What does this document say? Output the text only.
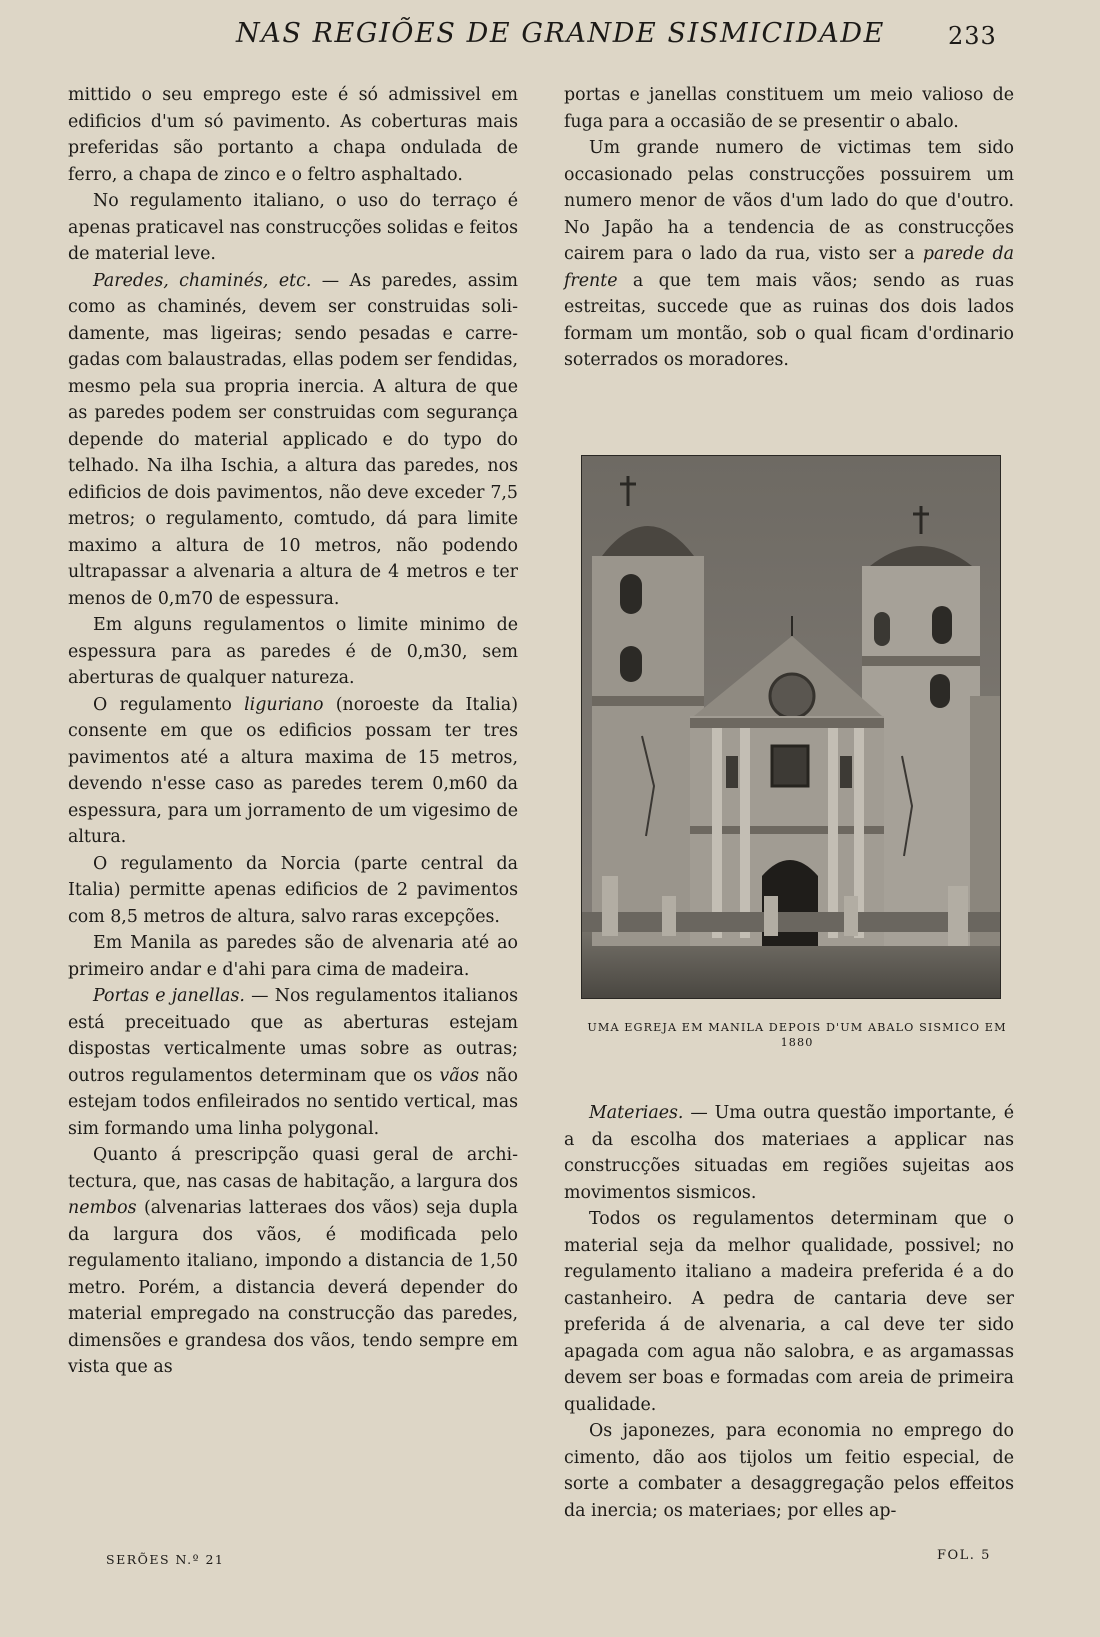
NAS REGIÕES DE GRANDE SISMICIDADE	233

mittido o seu emprego este é só admissivel em edificios d'um só pavimento. As coberturas mais preferidas são portanto a chapa ondulada de ferro, a chapa de zinco e o feltro asphaltado.

No regulamento italiano, o uso do terraço é apenas praticavel nas construcções solidas e feitos de material leve.

Paredes, chaminés, etc. — As paredes, assim como as chaminés, devem ser construidas solidamente, mas ligeiras; sendo pesadas e carregadas com balaustradas, ellas podem ser fendidas, mesmo pela sua propria inercia. A altura de que as paredes podem ser construidas com segurança depende do material applicado e do typo do telhado. Na ilha Ischia, a altura das paredes, nos edificios de dois pavimentos, não deve exceder 7,5 metros; o regulamento, comtudo, dá para limite maximo a altura de 10 metros, não podendo ultrapassar a alvenaria a altura de 4 metros e ter menos de 0,m70 de espessura.

Em alguns regulamentos o limite minimo de espessura para as paredes é de 0,m30, sem aberturas de qualquer natureza.

O regulamento liguriano (noroeste da Italia) consente em que os edificios possam ter tres pavimentos até a altura maxima de 15 metros, devendo n'esse caso as paredes terem 0,m60 da espessura, para um jorramento de um vigesimo de altura.

O regulamento da Norcia (parte central da Italia) permitte apenas edificios de 2 pavimentos com 8,5 metros de altura, salvo raras excepções.

Em Manila as paredes são de alvenaria até ao primeiro andar e d'ahi para cima de madeira.

Portas e janellas. — Nos regulamentos italianos está preceituado que as aberturas estejam dispostas verticalmente umas sobre as outras; outros regulamentos determinam que os vãos não estejam todos enfileirados no sentido vertical, mas sim formando uma linha polygonal.

Quanto á prescripção quasi geral de architectura, que, nas casas de habitação, a largura dos nembos (alvenarias latteraes dos vãos) seja dupla da largura dos vãos, é modificada pelo regulamento italiano, impondo a distancia de 1,50 metro. Porém, a distancia deverá depender do material empregado na construcção das paredes, dimensões e grandesa dos vãos, tendo sempre em vista que as

portas e janellas constituem um meio valioso de fuga para a occasião de se presentir o abalo.

Um grande numero de victimas tem sido occasionado pelas construcções possuirem um numero menor de vãos d'um lado do que d'outro. No Japão ha a tendencia de as construcções cairem para o lado da rua, visto ser a parede da frente a que tem mais vãos; sendo as ruas estreitas, succede que as ruinas dos dois lados formam um montão, sob o qual ficam d'ordinario soterrados os moradores.

UMA EGREJA EM MANILA DEPOIS D'UM ABALO SISMICO EM 1880

Materiaes. — Uma outra questão importante, é a da escolha dos materiaes a applicar nas construcções situadas em regiões sujeitas aos movimentos sismicos.

Todos os regulamentos determinam que o material seja da melhor qualidade, possivel; no regulamento italiano a madeira preferida é a do castanheiro. A pedra de cantaria deve ser preferida á de alvenaria, a cal deve ter sido apagada com agua não salobra, e as argamassas devem ser boas e formadas com areia de primeira qualidade.

Os japonezes, para economia no emprego do cimento, dão aos tijolos um feitio especial, de sorte a combater a desaggregação pelos effeitos da inercia; os materiaes; por elles ap-

SERÕES N.º 21	FOL. 5
